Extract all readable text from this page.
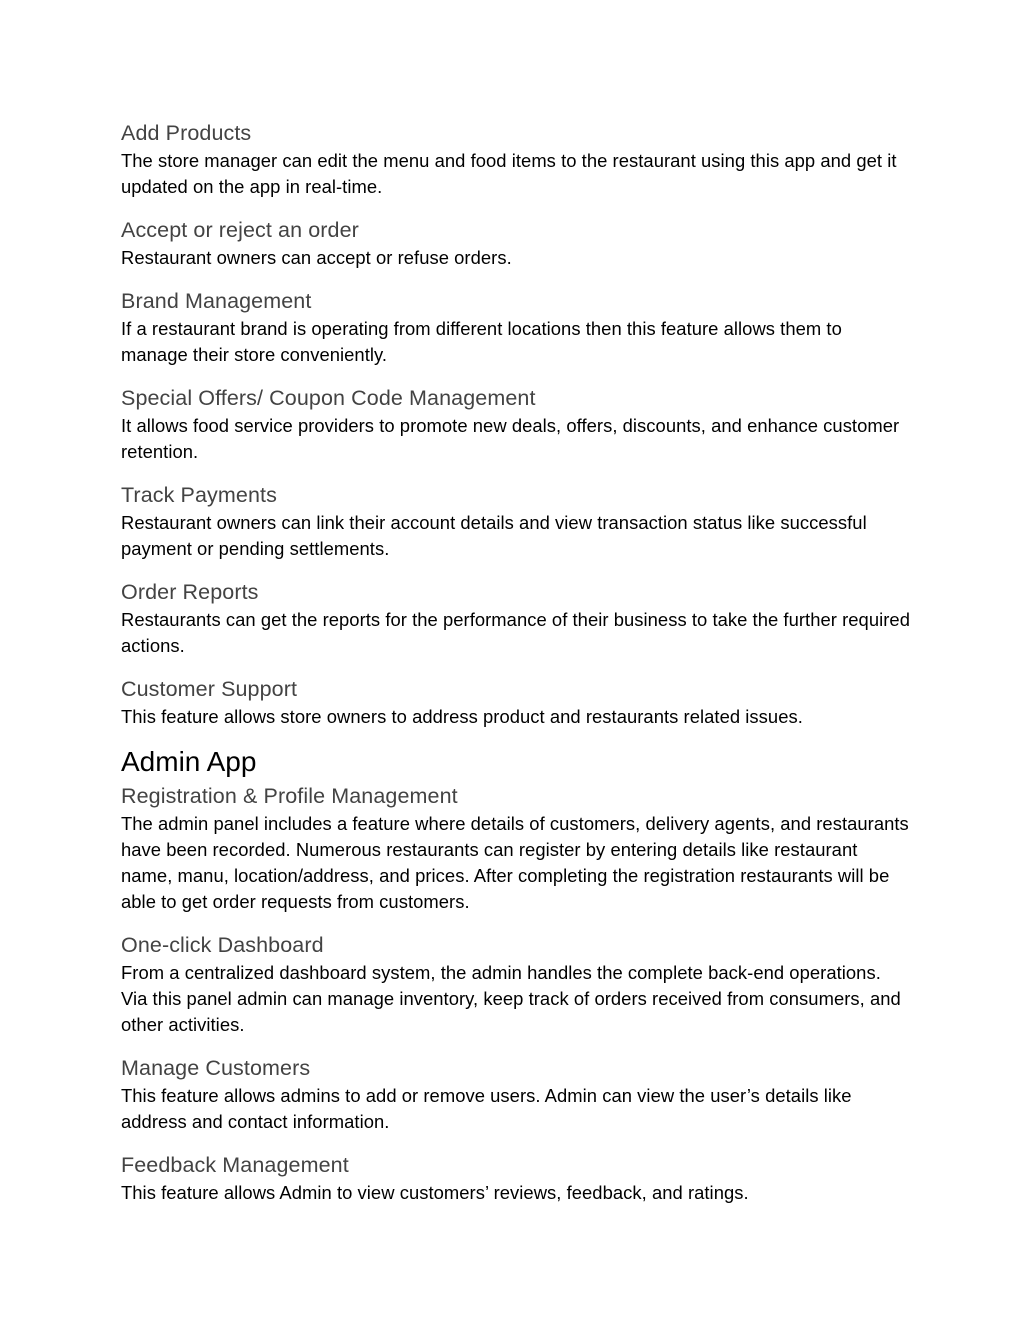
Add Products

The store manager can edit the menu and food items to the restaurant using this app and get it updated on the app in real-time.

Accept or reject an order

Restaurant owners can accept or refuse orders.

Brand Management

If a restaurant brand is operating from different locations then this feature allows them to manage their store conveniently.

Special Offers/ Coupon Code Management

It allows food service providers to promote new deals, offers, discounts, and enhance customer retention.

Track Payments

Restaurant owners can link their account details and view transaction status like successful payment or pending settlements.

Order Reports

Restaurants can get the reports for the performance of their business to take the further required actions.

Customer Support

This feature allows store owners to address product and restaurants related issues.

Admin App
Registration & Profile Management

The admin panel includes a feature where details of customers, delivery agents, and restaurants have been recorded. Numerous restaurants can register by entering details like restaurant name, manu, location/address, and prices. After completing the registration restaurants will be able to get order requests from customers.

One-click Dashboard

From a centralized dashboard system, the admin handles the complete back-end operations. Via this panel admin can manage inventory, keep track of orders received from consumers, and other activities.

Manage Customers

This feature allows admins to add or remove users. Admin can view the user’s details like address and contact information.

Feedback Management

This feature allows Admin to view customers’ reviews, feedback, and ratings.
